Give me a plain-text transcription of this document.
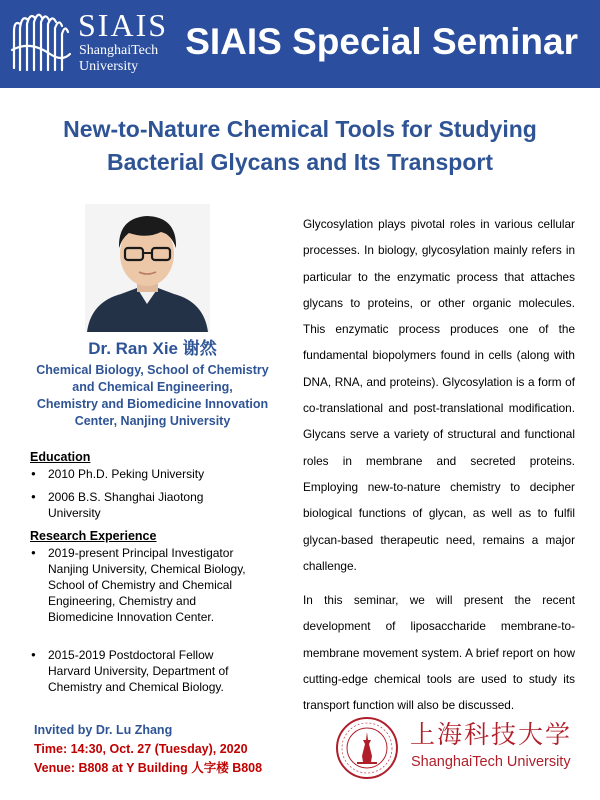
SIAIS
ShanghaiTech
University
SIAIS Special Seminar
New-to-Nature Chemical Tools for Studying
Bacterial Glycans and Its Transport
Dr. Ran Xie 谢然
Chemical Biology, School of Chemistry
and Chemical Engineering,
Chemistry and Biomedicine Innovation
Center, Nanjing University
Education
● 2010 Ph.D. Peking University
● 2006 B.S. Shanghai Jiaotong
University
Research Experience
● 2019-present Principal Investigator
Nanjing University, Chemical Biology,
School of Chemistry and Chemical
Engineering, Chemistry and
Biomedicine Innovation Center.
● 2015-2019 Postdoctoral Fellow
Harvard University, Department of
Chemistry and Chemical Biology.

Glycosylation plays pivotal roles in various cellular processes. In biology, glycosylation mainly refers in particular to the enzymatic process that attaches glycans to proteins, or other organic molecules. This enzymatic process produces one of the fundamental biopolymers found in cells (along with DNA, RNA, and proteins). Glycosylation is a form of co-translational and post-translational modification. Glycans serve a variety of structural and functional roles in membrane and secreted proteins. Employing new-to-nature chemistry to decipher biological functions of glycan, as well as to fulfil glycan-based therapeutic need, remains a major challenge.

In this seminar, we will present the recent development of liposaccharide membrane-to-membrane movement system. A brief report on how cutting-edge chemical tools are used to study its transport function will also be discussed.

Invited by Dr. Lu Zhang
Time: 14:30, Oct. 27 (Tuesday), 2020
Venue: B808 at Y Building 人字楼 B808
上海科技大学
ShanghaiTech University
